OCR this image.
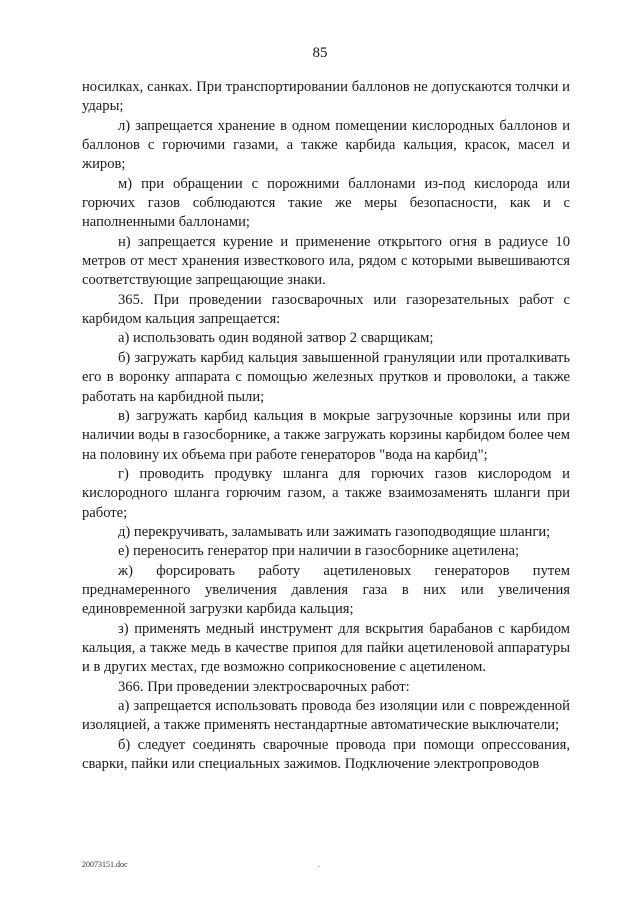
85

носилках, санках. При транспортировании баллонов не допускаются толчки и удары;

л) запрещается хранение в одном помещении кислородных баллонов и баллонов с горючими газами, а также карбида кальция, красок, масел и жиров;

м) при обращении с порожними баллонами из-под кислорода или горючих газов соблюдаются такие же меры безопасности, как и с наполненными баллонами;

н) запрещается курение и применение открытого огня в радиусе 10 метров от мест хранения известкового ила, рядом с которыми вывешиваются соответствующие запрещающие знаки.

365. При проведении газосварочных или газорезательных работ с карбидом кальция запрещается:

а) использовать один водяной затвор 2 сварщикам;

б) загружать карбид кальция завышенной грануляции или проталкивать его в воронку аппарата с помощью железных прутков и проволоки, а также работать на карбидной пыли;

в) загружать карбид кальция в мокрые загрузочные корзины или при наличии воды в газосборнике, а также загружать корзины карбидом более чем на половину их объема при работе генераторов "вода на карбид";

г) проводить продувку шланга для горючих газов кислородом и кислородного шланга горючим газом, а также взаимозаменять шланги при работе;

д) перекручивать, заламывать или зажимать газоподводящие шланги;

е) переносить генератор при наличии в газосборнике ацетилена;

ж) форсировать работу ацетиленовых генераторов путем преднамеренного увеличения давления газа в них или увеличения единовременной загрузки карбида кальция;

з) применять медный инструмент для вскрытия барабанов с карбидом кальция, а также медь в качестве припоя для пайки ацетиленовой аппаратуры и в других местах, где возможно соприкосновение с ацетиленом.

366. При проведении электросварочных работ:

а) запрещается использовать провода без изоляции или с поврежденной изоляцией, а также применять нестандартные автоматические выключатели;

б) следует соединять сварочные провода при помощи опрессования, сварки, пайки или специальных зажимов. Подключение электропроводов

20073151.doc	.
